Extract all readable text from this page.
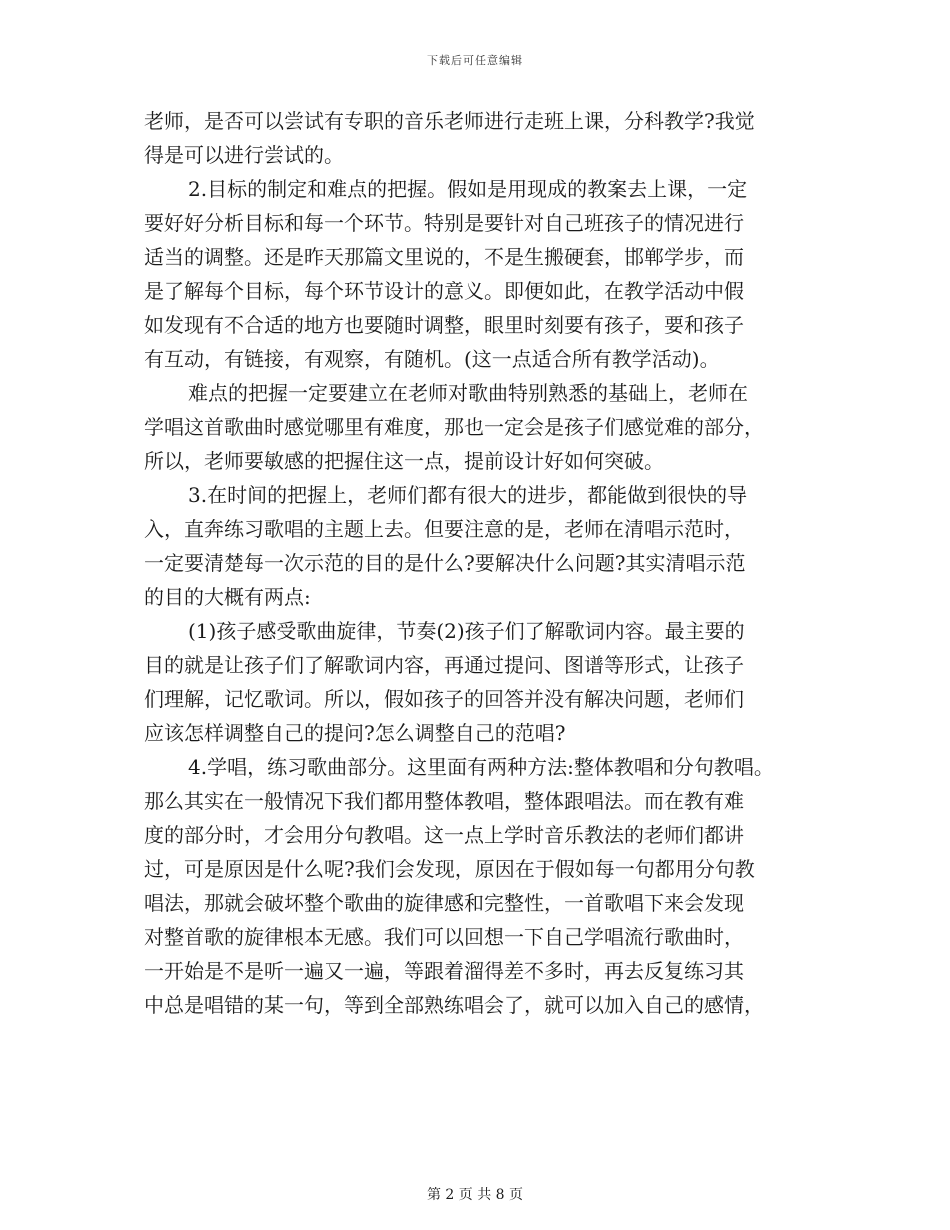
下载后可任意编辑
老师，是否可以尝试有专职的音乐老师进行走班上课，分科教学?我觉
得是可以进行尝试的。
2.目标的制定和难点的把握。假如是用现成的教案去上课，一定
要好好分析目标和每一个环节。特别是要针对自己班孩子的情况进行
适当的调整。还是昨天那篇文里说的，不是生搬硬套，邯郸学步，而
是了解每个目标，每个环节设计的意义。即便如此，在教学活动中假
如发现有不合适的地方也要随时调整，眼里时刻要有孩子，要和孩子
有互动，有链接，有观察，有随机。(这一点适合所有教学活动)。
难点的把握一定要建立在老师对歌曲特别熟悉的基础上，老师在
学唱这首歌曲时感觉哪里有难度，那也一定会是孩子们感觉难的部分，
所以，老师要敏感的把握住这一点，提前设计好如何突破。
3.在时间的把握上，老师们都有很大的进步，都能做到很快的导
入，直奔练习歌唱的主题上去。但要注意的是，老师在清唱示范时，
一定要清楚每一次示范的目的是什么?要解决什么问题?其实清唱示范
的目的大概有两点:
(1)孩子感受歌曲旋律，节奏(2)孩子们了解歌词内容。最主要的
目的就是让孩子们了解歌词内容，再通过提问、图谱等形式，让孩子
们理解，记忆歌词。所以，假如孩子的回答并没有解决问题，老师们
应该怎样调整自己的提问?怎么调整自己的范唱?
4.学唱，练习歌曲部分。这里面有两种方法:整体教唱和分句教唱。
那么其实在一般情况下我们都用整体教唱，整体跟唱法。而在教有难
度的部分时，才会用分句教唱。这一点上学时音乐教法的老师们都讲
过，可是原因是什么呢?我们会发现，原因在于假如每一句都用分句教
唱法，那就会破坏整个歌曲的旋律感和完整性，一首歌唱下来会发现
对整首歌的旋律根本无感。我们可以回想一下自己学唱流行歌曲时，
一开始是不是听一遍又一遍，等跟着溜得差不多时，再去反复练习其
中总是唱错的某一句，等到全部熟练唱会了，就可以加入自己的感情，
第 2 页 共 8 页
